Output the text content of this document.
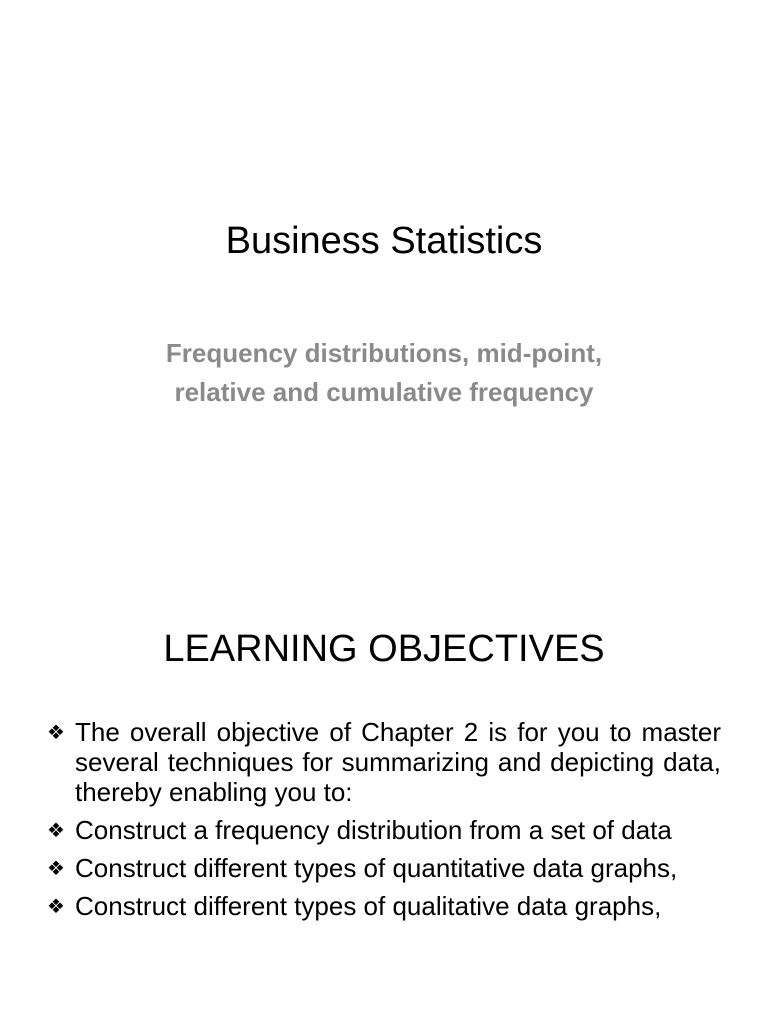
Business Statistics
Frequency distributions, mid-point,
relative and cumulative frequency
LEARNING OBJECTIVES
❖ The overall objective of Chapter 2 is for you to master several techniques for summarizing and depicting data, thereby enabling you to:
❖ Construct a frequency distribution from a set of data
❖ Construct different types of quantitative data graphs,
❖ Construct different types of qualitative data graphs,
